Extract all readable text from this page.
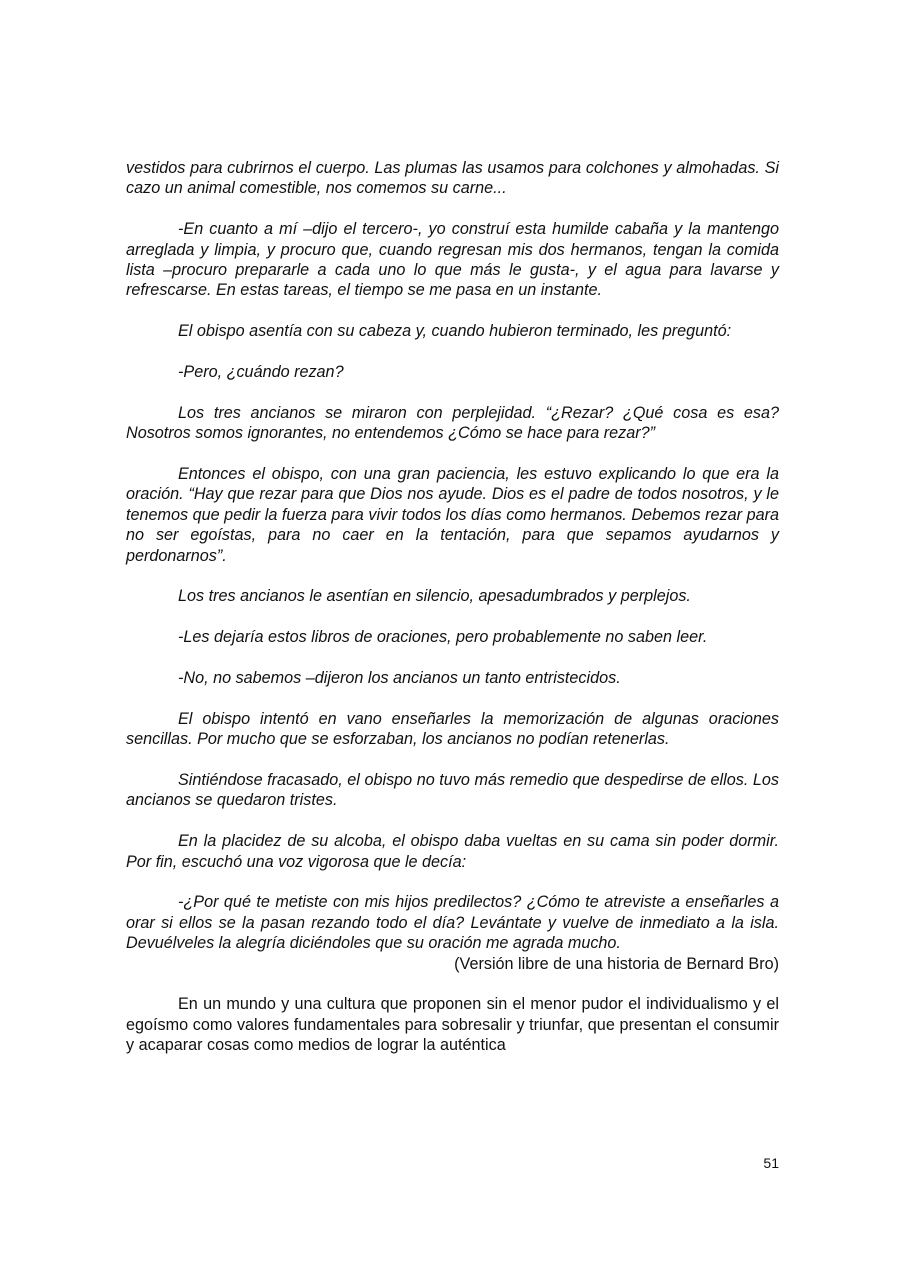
vestidos para cubrirnos el cuerpo. Las plumas las usamos para colchones y almohadas. Si cazo un animal comestible, nos comemos su carne...

-En cuanto a mí –dijo el tercero-, yo construí esta humilde cabaña y la mantengo arreglada y limpia, y procuro que, cuando regresan mis dos hermanos, tengan la comida lista –procuro prepararle a cada uno lo que más le gusta-, y el agua para lavarse y refrescarse. En estas tareas, el tiempo se me pasa en un instante.

El obispo asentía con su cabeza y, cuando hubieron terminado, les preguntó:

-Pero, ¿cuándo rezan?

Los tres ancianos se miraron con perplejidad. “¿Rezar? ¿Qué cosa es esa? Nosotros somos ignorantes, no entendemos ¿Cómo se hace para rezar?”

Entonces el obispo, con una gran paciencia, les estuvo explicando lo que era la oración. “Hay que rezar para que Dios nos ayude. Dios es el padre de todos nosotros, y le tenemos que pedir la fuerza para vivir todos los días como hermanos. Debemos rezar para no ser egoístas, para no caer en la tentación, para que sepamos ayudarnos y perdonarnos”.

Los tres ancianos le asentían en silencio, apesadumbrados y perplejos.

-Les dejaría estos libros de oraciones, pero probablemente no saben leer.

-No, no sabemos –dijeron los ancianos un tanto entristecidos.

El obispo intentó en vano enseñarles la memorización de algunas oraciones sencillas. Por mucho que se esforzaban, los ancianos no podían retenerlas.

Sintiéndose fracasado, el obispo no tuvo más remedio que despedirse de ellos. Los ancianos se quedaron tristes.

En la placidez de su alcoba, el obispo daba vueltas en su cama sin poder dormir. Por fin, escuchó una voz vigorosa que le decía:

-¿Por qué te metiste con mis hijos predilectos? ¿Cómo te atreviste a enseñarles a orar si ellos se la pasan rezando todo el día? Levántate y vuelve de inmediato a la isla. Devuélveles la alegría diciéndoles que su oración me agrada mucho.

(Versión libre de una historia de Bernard Bro)

En un mundo y una cultura que proponen sin el menor pudor el individualismo y el egoísmo como valores fundamentales para sobresalir y triunfar, que presentan el consumir y acaparar cosas como medios de lograr la auténtica

51
